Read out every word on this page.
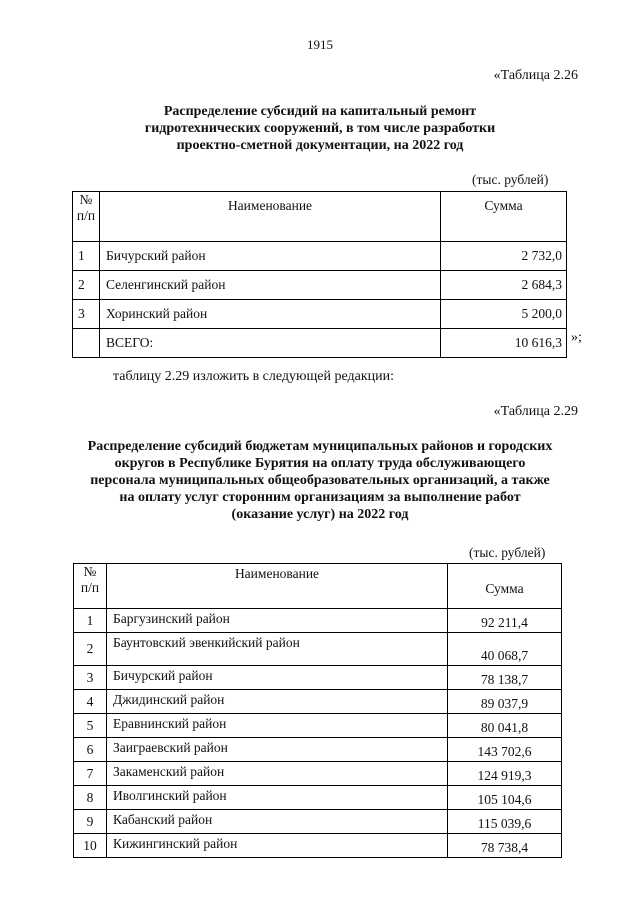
1915
«Таблица 2.26
Распределение субсидий на капитальный ремонт
гидротехнических сооружений, в том числе разработки
проектно-сметной документации, на 2022 год
(тыс. рублей)
№
п/п	Наименование	Сумма
1	Бичурский район	2 732,0
2	Селенгинский район	2 684,3
3	Хоринский район	5 200,0
	ВСЕГО:	10 616,3 »;
таблицу 2.29 изложить в следующей редакции:
«Таблица 2.29
Распределение субсидий бюджетам муниципальных районов и городских
округов в Республике Бурятия на оплату труда обслуживающего
персонала муниципальных общеобразовательных организаций, а также
на оплату услуг сторонним организациям за выполнение работ
(оказание услуг) на 2022 год
(тыс. рублей)
№
п/п	Наименование	Сумма
1	Баргузинский район	92 211,4
2	Баунтовский эвенкийский район	40 068,7
3	Бичурский район	78 138,7
4	Джидинский район	89 037,9
5	Еравнинский район	80 041,8
6	Заиграевский район	143 702,6
7	Закаменский район	124 919,3
8	Иволгинский район	105 104,6
9	Кабанский район	115 039,6
10	Кижингинский район	78 738,4
